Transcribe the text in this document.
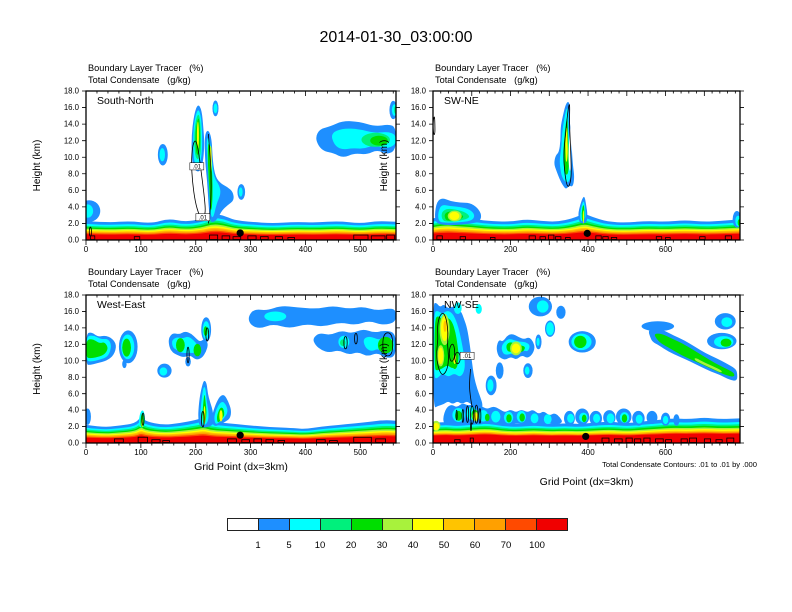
2014-01-30_03:00:00
.01
.01
0.0
2.0
4.0
6.0
8.0
10.0
12.0
14.0
16.0
18.0
0	100	200	300	400	500
Boundary Layer Tracer   (%)
Total Condensate   (g/kg)
South-North
Height (km)
0.0
2.0
4.0
6.0
8.0
10.0
12.0
14.0
16.0
18.0
0	200	400	600
Boundary Layer Tracer   (%)
Total Condensate   (g/kg)
SW-NE
Height (km)
0.0
2.0
4.0
6.0
8.0
10.0
12.0
14.0
16.0
18.0
0	100	200	300	400	500
Boundary Layer Tracer   (%)
Total Condensate   (g/kg)
West-East
Height (km)
Grid Point (dx=3km)
.01
0.0
2.0
4.0
6.0
8.0
10.0
12.0
14.0
16.0
18.0
0	200	400	600
Boundary Layer Tracer   (%)
Total Condensate   (g/kg)
NW-SE
Height (km)
Total Condensate Contours: .01 to .01 by .000
Grid Point (dx=3km)
1	5 10 20 30 40 50 60 70 100
